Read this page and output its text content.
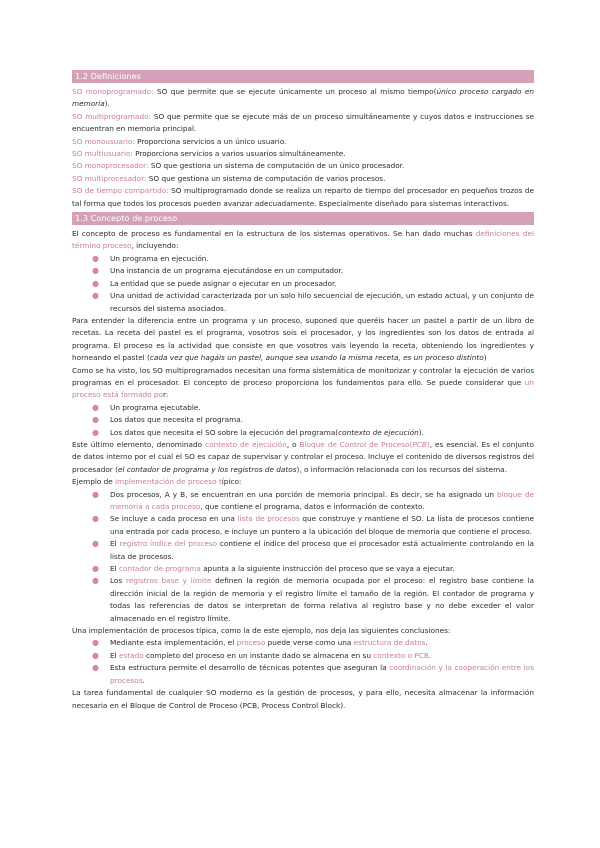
1.2 Definiciones

SO monoprogramado: SO que permite que se ejecute únicamente un proceso al mismo tiempo(único proceso cargado en memoria).

SO multiprogramado: SO que permite que se ejecute más de un proceso simultáneamente y cuyos datos e instrucciones se encuentran en memoria principal.

SO monousuario: Proporciona servicios a un único usuario.

SO multiusuario: Proporciona servicios a varios usuarios simultáneamente.

SO monoprocesador: SO que gestiona un sistema de computación de un único procesador.

SO multiprocesador: SO que gestiona un sistema de computación de varios procesos.

SO de tiempo compartido: SO multiprogramado donde se realiza un reparto de tiempo del procesador en pequeños trozos de tal forma que todos los procesos pueden avanzar adecuadamente. Especialmente diseñado para sistemas interactivos.

1.3 Concepto de proceso

El concepto de proceso es fundamental en la estructura de los sistemas operativos. Se han dado muchas definiciones del término proceso, incluyendo:

● Un programa en ejecución.
● Una instancia de un programa ejecutándose en un computador.
● La entidad que se puede asignar o ejecutar en un procesador.
● Una unidad de actividad caracterizada por un solo hilo secuencial de ejecución, un estado actual, y un conjunto de recursos del sistema asociados.

Para entender la diferencia entre un programa y un proceso, suponed que queréis hacer un pastel a partir de un libro de recetas. La receta del pastel es el programa, vosotros sois el procesador, y los ingredientes son los datos de entrada al programa. El proceso es la actividad que consiste en que vosotros vais leyendo la receta, obteniendo los ingredientes y horneando el pastel (cada vez que hagáis un pastel, aunque sea usando la misma receta, es un proceso distinto)

Como se ha visto, los SO multiprogramados necesitan una forma sistemática de monitorizar y controlar la ejecución de varios programas en el procesador. El concepto de proceso proporciona los fundamentos para ello. Se puede considerar que un proceso está formado por:

● Un programa ejecutable.
● Los datos que necesita el programa.
● Los datos que necesita el SO sobre la ejecución del programa(contexto de ejecución).

Este último elemento, denominado contexto de ejecución, o Bloque de Control de Proceso(PCB), es esencial. Es el conjunto de datos interno por el cual el SO es capaz de supervisar y controlar el proceso. Incluye el contenido de diversos registros del procesador (el contador de programa y los registros de datos), o información relacionada con los recursos del sistema.

Ejemplo de implementación de proceso típico:

● Dos procesos, A y B, se encuentran en una porción de memoria principal. Es decir, se ha asignado un bloque de memoria a cada proceso, que contiene el programa, datos e información de contexto.
● Se incluye a cada proceso en una lista de procesos que construye y mantiene el SO. La lista de procesos contiene una entrada por cada proceso, e incluye un puntero a la ubicación del bloque de memoria que contiene el proceso.
● El registro índice del proceso contiene el índice del proceso que el procesador está actualmente controlando en la lista de procesos.
● El contador de programa apunta a la siguiente instrucción del proceso que se vaya a ejecutar.
● Los registros base y límite definen la región de memoria ocupada por el proceso: el registro base contiene la dirección inicial de la región de memoria y el registro límite el tamaño de la región. El contador de programa y todas las referencias de datos se interpretan de forma relativa al registro base y no debe exceder el valor almacenado en el registro límite.

Una implementación de procesos típica, como la de este ejemplo, nos deja las siguientes conclusiones:

● Mediante esta implementación, el proceso puede verse como una estructura de datos.
● El estado completo del proceso en un instante dado se almacena en su contexto o PCB.
● Esta estructura permite el desarrollo de técnicas potentes que aseguran la coordinación y la cooperación entre los procesos.

La tarea fundamental de cualquier SO moderno es la gestión de procesos, y para ello, necesita almacenar la información necesaria en el Bloque de Control de Proceso (PCB, Process Control Block).
